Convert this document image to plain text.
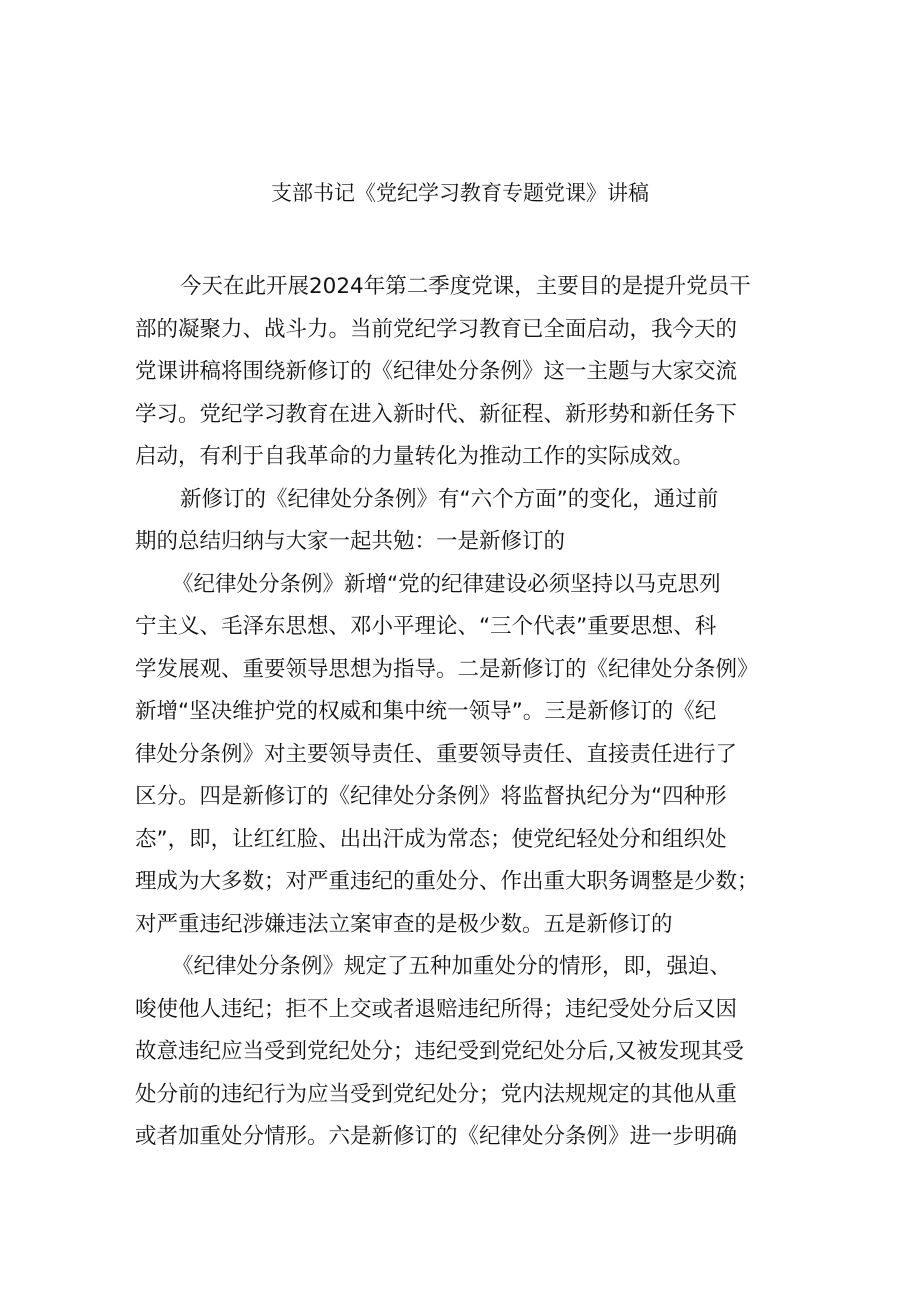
支部书记《党纪学习教育专题党课》讲稿
今天在此开展2024年第二季度党课，主要目的是提升党员干
部的凝聚力、战斗力。当前党纪学习教育已全面启动，我今天的
党课讲稿将围绕新修订的《纪律处分条例》这一主题与大家交流
学习。党纪学习教育在进入新时代、新征程、新形势和新任务下
启动，有利于自我革命的力量转化为推动工作的实际成效。
新修订的《纪律处分条例》有“六个方面”的变化，通过前
期的总结归纳与大家一起共勉：一是新修订的
《纪律处分条例》新增“党的纪律建设必须坚持以马克思列
宁主义、毛泽东思想、邓小平理论、“三个代表”重要思想、科
学发展观、重要领导思想为指导。二是新修订的《纪律处分条例》
新增“坚决维护党的权威和集中统一领导”。三是新修订的《纪
律处分条例》对主要领导责任、重要领导责任、直接责任进行了
区分。四是新修订的《纪律处分条例》将监督执纪分为“四种形
态”，即，让红红脸、出出汗成为常态；使党纪轻处分和组织处
理成为大多数；对严重违纪的重处分、作出重大职务调整是少数；
对严重违纪涉嫌违法立案审查的是极少数。五是新修订的
《纪律处分条例》规定了五种加重处分的情形，即，强迫、
唆使他人违纪；拒不上交或者退赔违纪所得；违纪受处分后又因
故意违纪应当受到党纪处分；违纪受到党纪处分后,又被发现其受
处分前的违纪行为应当受到党纪处分；党内法规规定的其他从重
或者加重处分情形。六是新修订的《纪律处分条例》进一步明确
